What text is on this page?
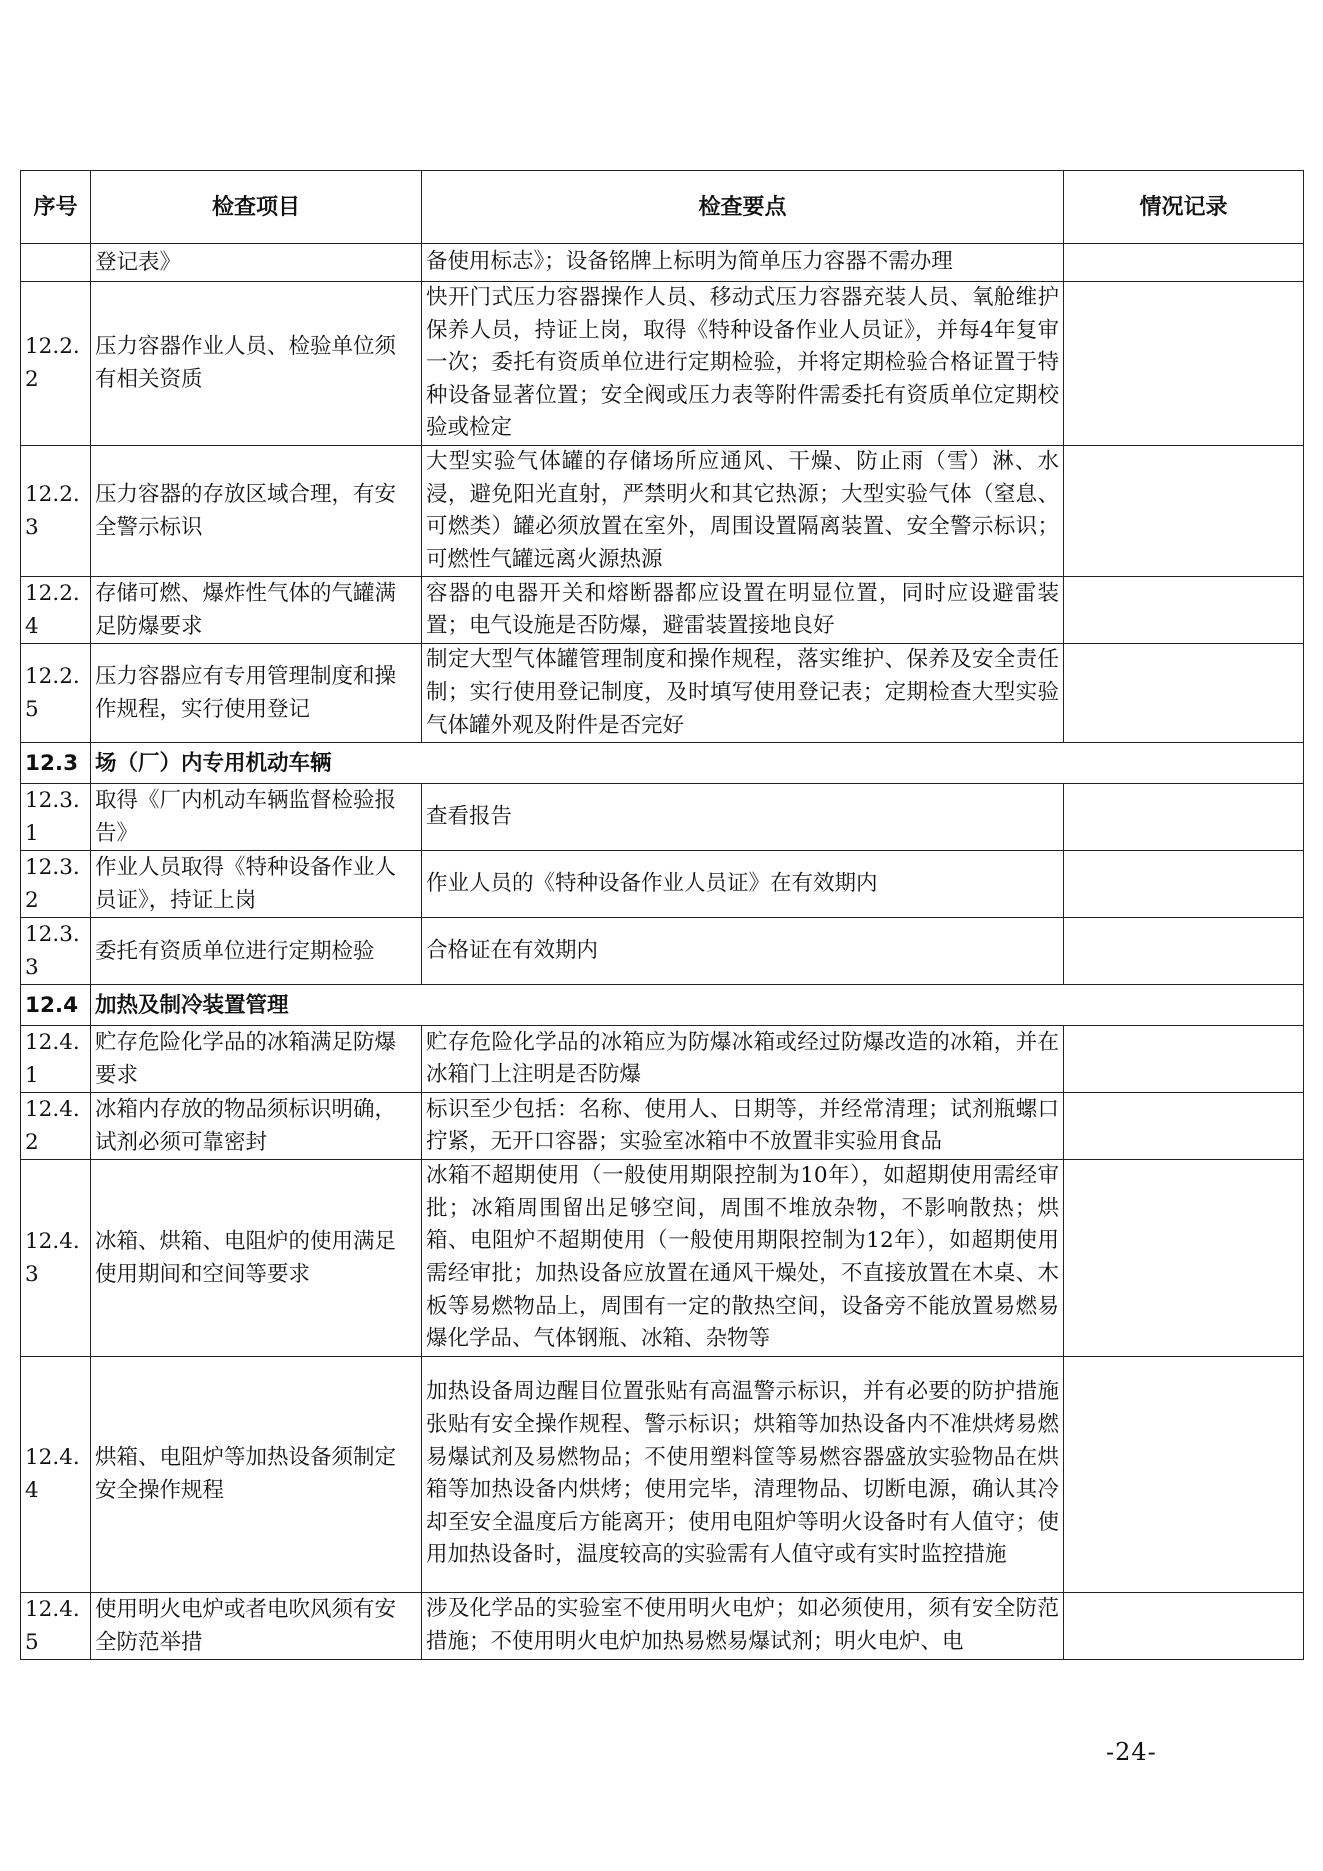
序号	检查项目	检查要点	情况记录
	登记表》	备使用标志》；设备铭牌上标明为简单压力容器不需办理	
12.2.2	压力容器作业人员、检验单位须有相关资质	快开门式压力容器操作人员、移动式压力容器充装人员、氧舱维护保养人员，持证上岗，取得《特种设备作业人员证》，并每4年复审一次；委托有资质单位进行定期检验，并将定期检验合格证置于特种设备显著位置；安全阀或压力表等附件需委托有资质单位定期校验或检定	
12.2.3	压力容器的存放区域合理，有安全警示标识	大型实验气体罐的存储场所应通风、干燥、防止雨（雪）淋、水浸，避免阳光直射，严禁明火和其它热源；大型实验气体（窒息、可燃类）罐必须放置在室外，周围设置隔离装置、安全警示标识；可燃性气罐远离火源热源	
12.2.4	存储可燃、爆炸性气体的气罐满足防爆要求	容器的电器开关和熔断器都应设置在明显位置，同时应设避雷装置；电气设施是否防爆，避雷装置接地良好	
12.2.5	压力容器应有专用管理制度和操作规程，实行使用登记	制定大型气体罐管理制度和操作规程，落实维护、保养及安全责任制；实行使用登记制度，及时填写使用登记表；定期检查大型实验气体罐外观及附件是否完好	
12.3	场（厂）内专用机动车辆		
12.3.1	取得《厂内机动车辆监督检验报告》	查看报告	
12.3.2	作业人员取得《特种设备作业人员证》，持证上岗	作业人员的《特种设备作业人员证》在有效期内	
12.3.3	委托有资质单位进行定期检验	合格证在有效期内	
12.4	加热及制冷装置管理		
12.4.1	贮存危险化学品的冰箱满足防爆要求	贮存危险化学品的冰箱应为防爆冰箱或经过防爆改造的冰箱，并在冰箱门上注明是否防爆	
12.4.2	冰箱内存放的物品须标识明确，试剂必须可靠密封	标识至少包括：名称、使用人、日期等，并经常清理；试剂瓶螺口拧紧，无开口容器；实验室冰箱中不放置非实验用食品	
12.4.3	冰箱、烘箱、电阻炉的使用满足使用期间和空间等要求	冰箱不超期使用（一般使用期限控制为10年），如超期使用需经审批；冰箱周围留出足够空间，周围不堆放杂物，不影响散热；烘箱、电阻炉不超期使用（一般使用期限控制为12年），如超期使用需经审批；加热设备应放置在通风干燥处，不直接放置在木桌、木板等易燃物品上，周围有一定的散热空间，设备旁不能放置易燃易爆化学品、气体钢瓶、冰箱、杂物等	
12.4.4	烘箱、电阻炉等加热设备须制定安全操作规程	加热设备周边醒目位置张贴有高温警示标识，并有必要的防护措施张贴有安全操作规程、警示标识；烘箱等加热设备内不准烘烤易燃易爆试剂及易燃物品；不使用塑料筐等易燃容器盛放实验物品在烘箱等加热设备内烘烤；使用完毕，清理物品、切断电源，确认其冷却至安全温度后方能离开；使用电阻炉等明火设备时有人值守；使用加热设备时，温度较高的实验需有人值守或有实时监控措施	
12.4.5	使用明火电炉或者电吹风须有安全防范举措	涉及化学品的实验室不使用明火电炉；如必须使用，须有安全防范措施；不使用明火电炉加热易燃易爆试剂；明火电炉、电	
-24-
